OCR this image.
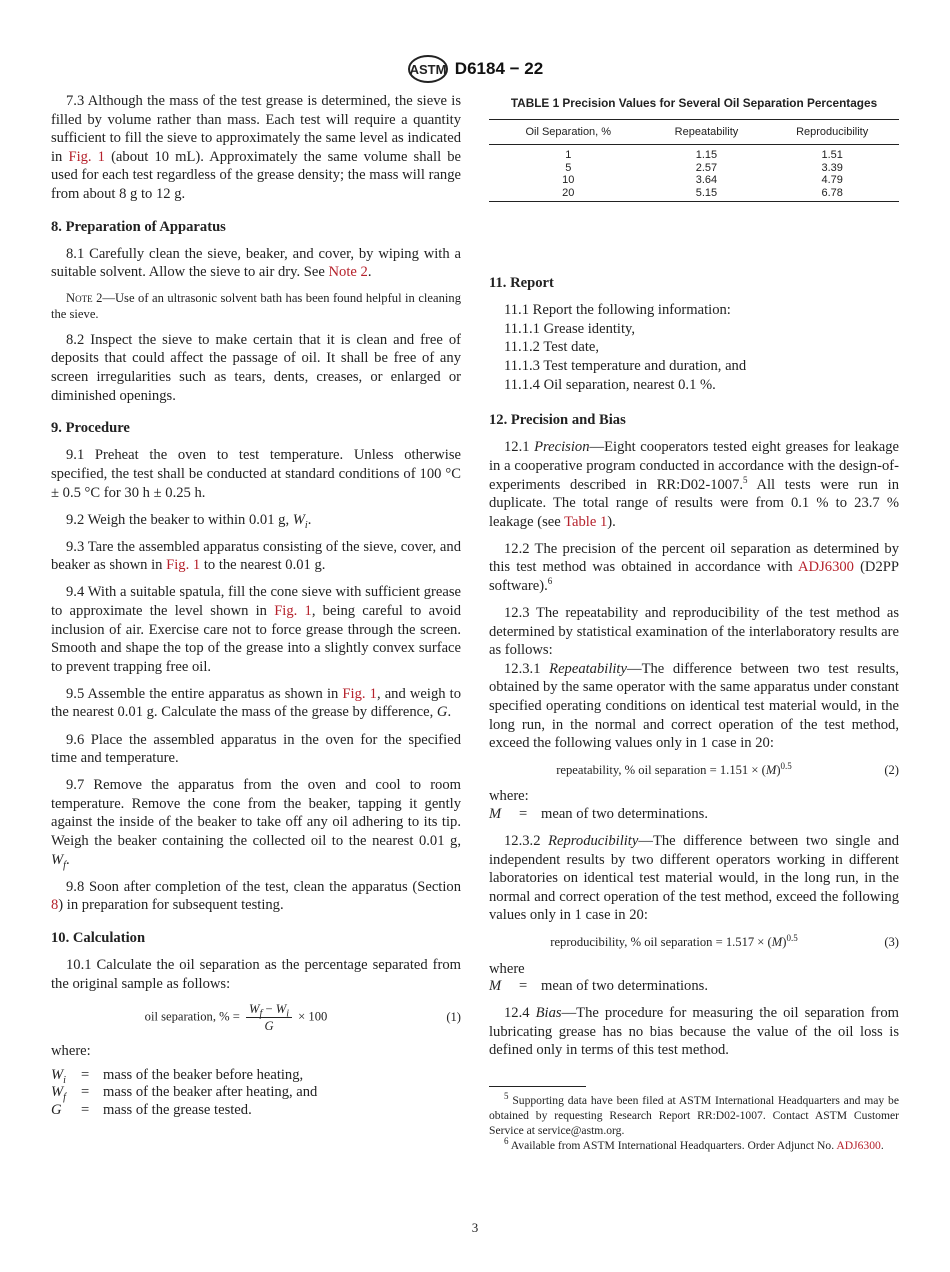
ASTM D6184 − 22

7.3 Although the mass of the test grease is determined, the sieve is filled by volume rather than mass. Each test will require a quantity sufficient to fill the sieve to approximately the same level as indicated in Fig. 1 (about 10 mL). Approximately the same volume shall be used for each test regardless of the grease density; the mass will range from about 8 g to 12 g.

8. Preparation of Apparatus

8.1 Carefully clean the sieve, beaker, and cover, by wiping with a suitable solvent. Allow the sieve to air dry. See Note 2.

Note 2—Use of an ultrasonic solvent bath has been found helpful in cleaning the sieve.

8.2 Inspect the sieve to make certain that it is clean and free of deposits that could affect the passage of oil. It shall be free of any screen irregularities such as tears, dents, creases, or enlarged or diminished openings.

9. Procedure

9.1 Preheat the oven to test temperature. Unless otherwise specified, the test shall be conducted at standard conditions of 100 °C ± 0.5 °C for 30 h ± 0.25 h.

9.2 Weigh the beaker to within 0.01 g, $W_i$.

9.3 Tare the assembled apparatus consisting of the sieve, cover, and beaker as shown in Fig. 1 to the nearest 0.01 g.

9.4 With a suitable spatula, fill the cone sieve with sufficient grease to approximate the level shown in Fig. 1, being careful to avoid inclusion of air. Exercise care not to force grease through the screen. Smooth and shape the top of the grease into a slightly convex surface to prevent trapping free oil.

9.5 Assemble the entire apparatus as shown in Fig. 1, and weigh to the nearest 0.01 g. Calculate the mass of the grease by difference, G.

9.6 Place the assembled apparatus in the oven for the specified time and temperature.

9.7 Remove the apparatus from the oven and cool to room temperature. Remove the cone from the beaker, tapping it gently against the inside of the beaker to take off any oil adhering to its tip. Weigh the beaker containing the collected oil to the nearest 0.01 g, $W_f$.

9.8 Soon after completion of the test, clean the apparatus (Section 8) in preparation for subsequent testing.

10. Calculation

10.1 Calculate the oil separation as the percentage separated from the original sample as follows:

oil separation, % = $\frac{W_f - W_i}{G} \times 100$	(1)

where:

$W_i$	= mass of the beaker before heating,
$W_f$	= mass of the beaker after heating, and
G	= mass of the grease tested.
TABLE 1 Precision Values for Several Oil Separation Percentages
Oil Separation, %	Repeatability	Reproducibility
1	1.15	1.51
5	2.57	3.39
10	3.64	4.79
20	5.15	6.78
11. Report

11.1 Report the following information:

11.1.1 Grease identity,

11.1.2 Test date,

11.1.3 Test temperature and duration, and

11.1.4 Oil separation, nearest 0.1 %.

12. Precision and Bias

12.1 Precision—Eight cooperators tested eight greases for leakage in a cooperative program conducted in accordance with the design-of-experiments described in RR:D02-1007.$^5$ All tests were run in duplicate. The total range of results were from 0.1 % to 23.7 % leakage (see Table 1).

12.2 The precision of the percent oil separation as determined by this test method was obtained in accordance with ADJ6300 (D2PP software).$^6$

12.3 The repeatability and reproducibility of the test method as determined by statistical examination of the interlaboratory results are as follows:

12.3.1 Repeatability—The difference between two test results, obtained by the same operator with the same apparatus under constant specified operating conditions on identical test material would, in the long run, in the normal and correct operation of the test method, exceed the following values only in 1 case in 20:

repeatability, % oil separation = $1.151 \times (M)^{0.5}$	(2)

where:

M	= mean of two determinations.

12.3.2 Reproducibility—The difference between two single and independent results by two different operators working in different laboratories on identical test material would, in the long run, in the normal and correct operation of the test method, exceed the following values only in 1 case in 20:

reproducibility, % oil separation = $1.517 \times (M)^{0.5}$	(3)

where

M	= mean of two determinations.

12.4 Bias—The procedure for measuring the oil separation from lubricating grease has no bias because the value of the oil loss is defined only in terms of this test method.

$^5$ Supporting data have been filed at ASTM International Headquarters and may be obtained by requesting Research Report RR:D02-1007. Contact ASTM Customer Service at service@astm.org.

$^6$ Available from ASTM International Headquarters. Order Adjunct No. ADJ6300.

3
